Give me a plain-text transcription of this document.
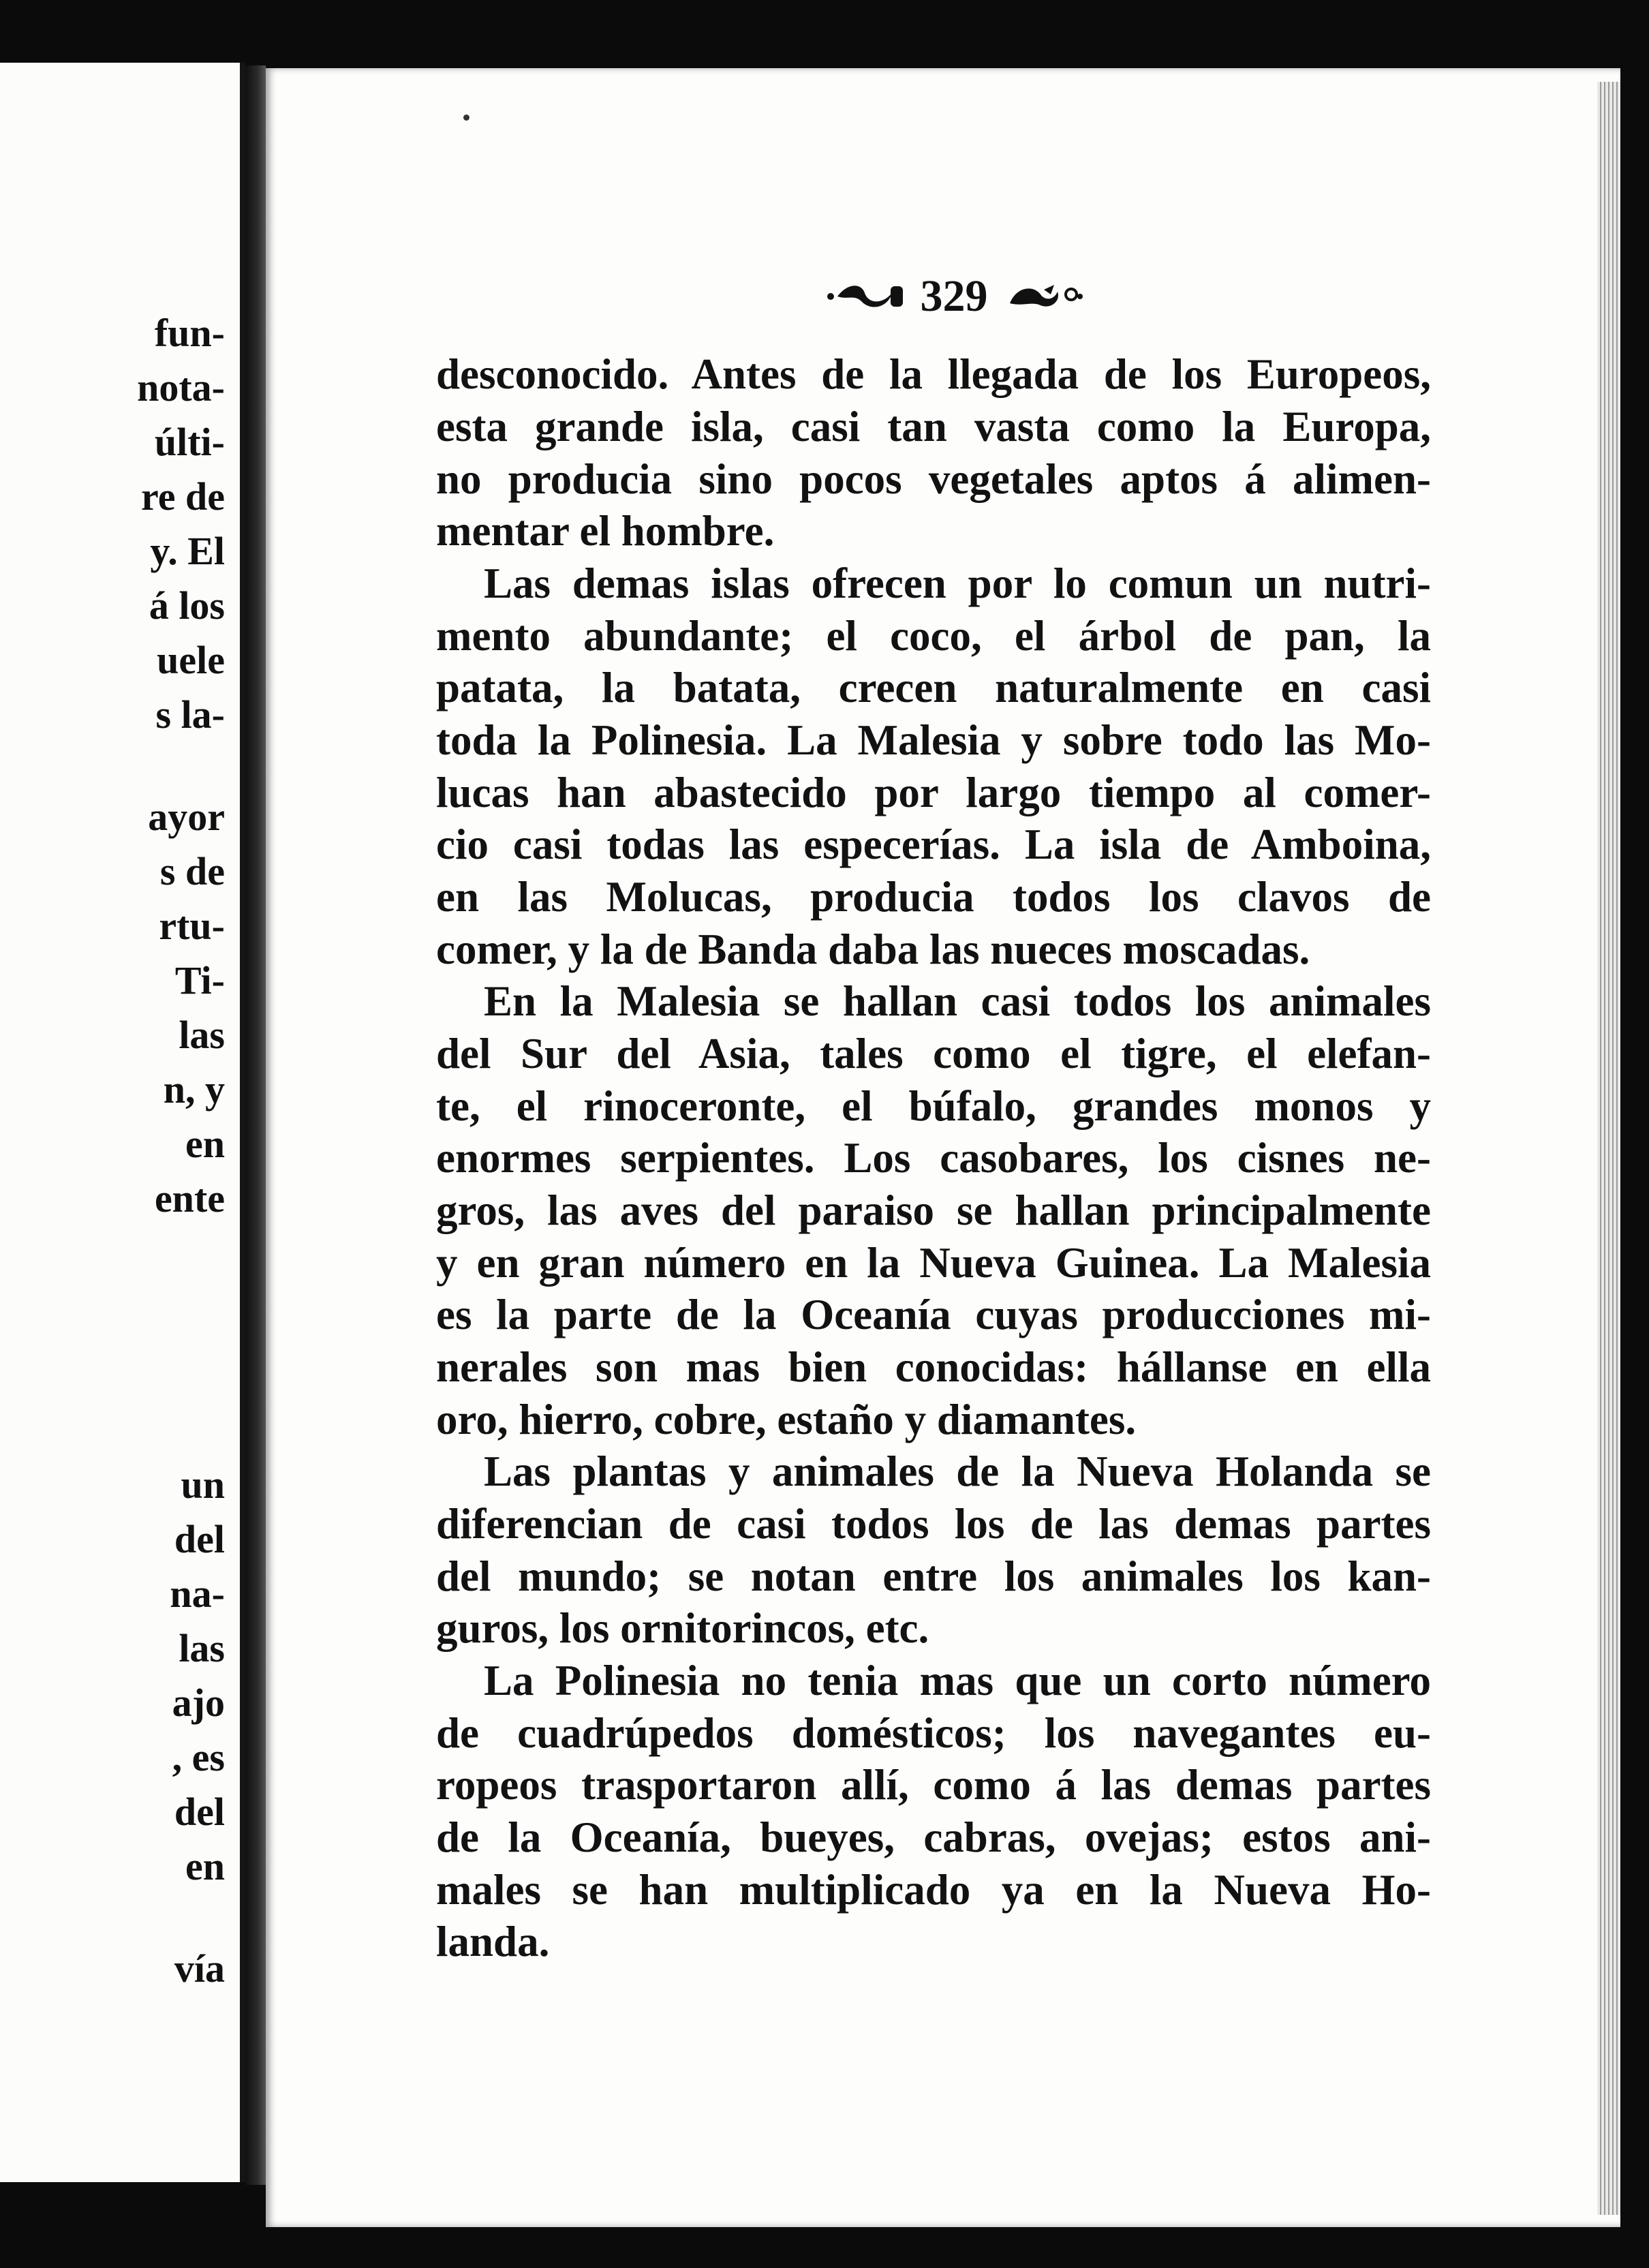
fun-
nota-
últi-
re de
y. El
á los
uele
s la-
ayor
s de
rtu-
Ti-
las
n, y
en
ente
un
del
na-
las
ajo
, es
del
en
vía
329
desconocido. Antes de la llegada de los Europeos,
esta grande isla, casi tan vasta como la Europa,
no producia sino pocos vegetales aptos á alimen-
mentar el hombre.
Las demas islas ofrecen por lo comun un nutri-
mento abundante; el coco, el árbol de pan, la
patata, la batata, crecen naturalmente en casi
toda la Polinesia. La Malesia y sobre todo las Mo-
lucas han abastecido por largo tiempo al comer-
cio casi todas las especerías. La isla de Amboina,
en las Molucas, producia todos los clavos de
comer, y la de Banda daba las nueces moscadas.
En la Malesia se hallan casi todos los animales
del Sur del Asia, tales como el tigre, el elefan-
te, el rinoceronte, el búfalo, grandes monos y
enormes serpientes. Los casobares, los cisnes ne-
gros, las aves del paraiso se hallan principalmente
y en gran número en la Nueva Guinea. La Malesia
es la parte de la Oceanía cuyas producciones mi-
nerales son mas bien conocidas: hállanse en ella
oro, hierro, cobre, estaño y diamantes.
Las plantas y animales de la Nueva Holanda se
diferencian de casi todos los de las demas partes
del mundo; se notan entre los animales los kan-
guros, los ornitorincos, etc.
La Polinesia no tenia mas que un corto número
de cuadrúpedos domésticos; los navegantes eu-
ropeos trasportaron allí, como á las demas partes
de la Oceanía, bueyes, cabras, ovejas; estos ani-
males se han multiplicado ya en la Nueva Ho-
landa.
